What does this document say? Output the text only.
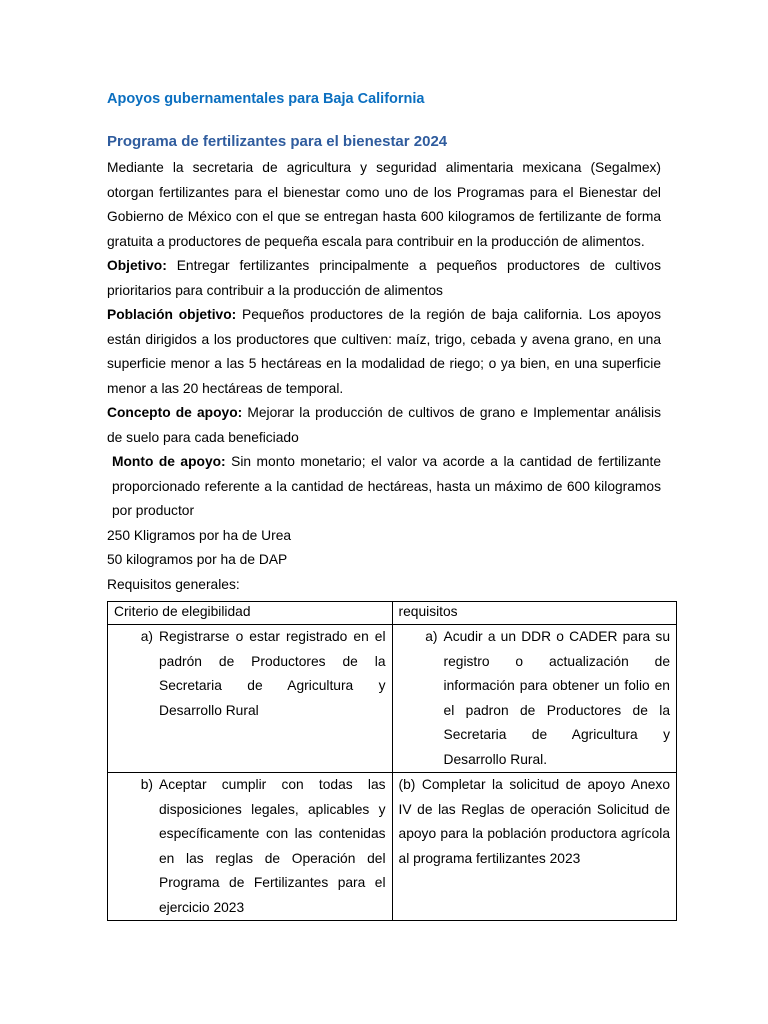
Apoyos gubernamentales para Baja California
Programa de fertilizantes para el bienestar 2024

Mediante la secretaria de agricultura y seguridad alimentaria mexicana (Segalmex) otorgan fertilizantes para el bienestar como uno de los Programas para el Bienestar del Gobierno de México con el que se entregan hasta 600 kilogramos de fertilizante de forma gratuita a productores de pequeña escala para contribuir en la producción de alimentos.

Objetivo: Entregar fertilizantes principalmente a pequeños productores de cultivos prioritarios para contribuir a la producción de alimentos

Población objetivo: Pequeños productores de la región de baja california. Los apoyos están dirigidos a los productores que cultiven: maíz, trigo, cebada y avena grano, en una superficie menor a las 5 hectáreas en la modalidad de riego; o ya bien, en una superficie menor a las 20 hectáreas de temporal.

Concepto de apoyo: Mejorar la producción de cultivos de grano e Implementar análisis de suelo para cada beneficiado

Monto de apoyo: Sin monto monetario; el valor va acorde a la cantidad de fertilizante proporcionado referente a la cantidad de hectáreas, hasta un máximo de 600 kilogramos por productor

250 Kligramos por ha de Urea

50 kilogramos por ha de DAP

Requisitos generales:

Criterio de elegibilidad	requisitos

a) Registrarse o estar registrado en el padrón de Productores de la Secretaria de Agricultura y Desarrollo Rural	a) Acudir a un DDR o CADER para su registro o actualización de información para obtener un folio en el padron de Productores de la Secretaria de Agricultura y Desarrollo Rural.

b) Aceptar cumplir con todas las disposiciones legales, aplicables y específicamente con las contenidas en las reglas de Operación del Programa de Fertilizantes para el ejercicio 2023	(b) Completar la solicitud de apoyo Anexo IV de las Reglas de operación Solicitud de apoyo para la población productora agrícola al programa fertilizantes 2023
